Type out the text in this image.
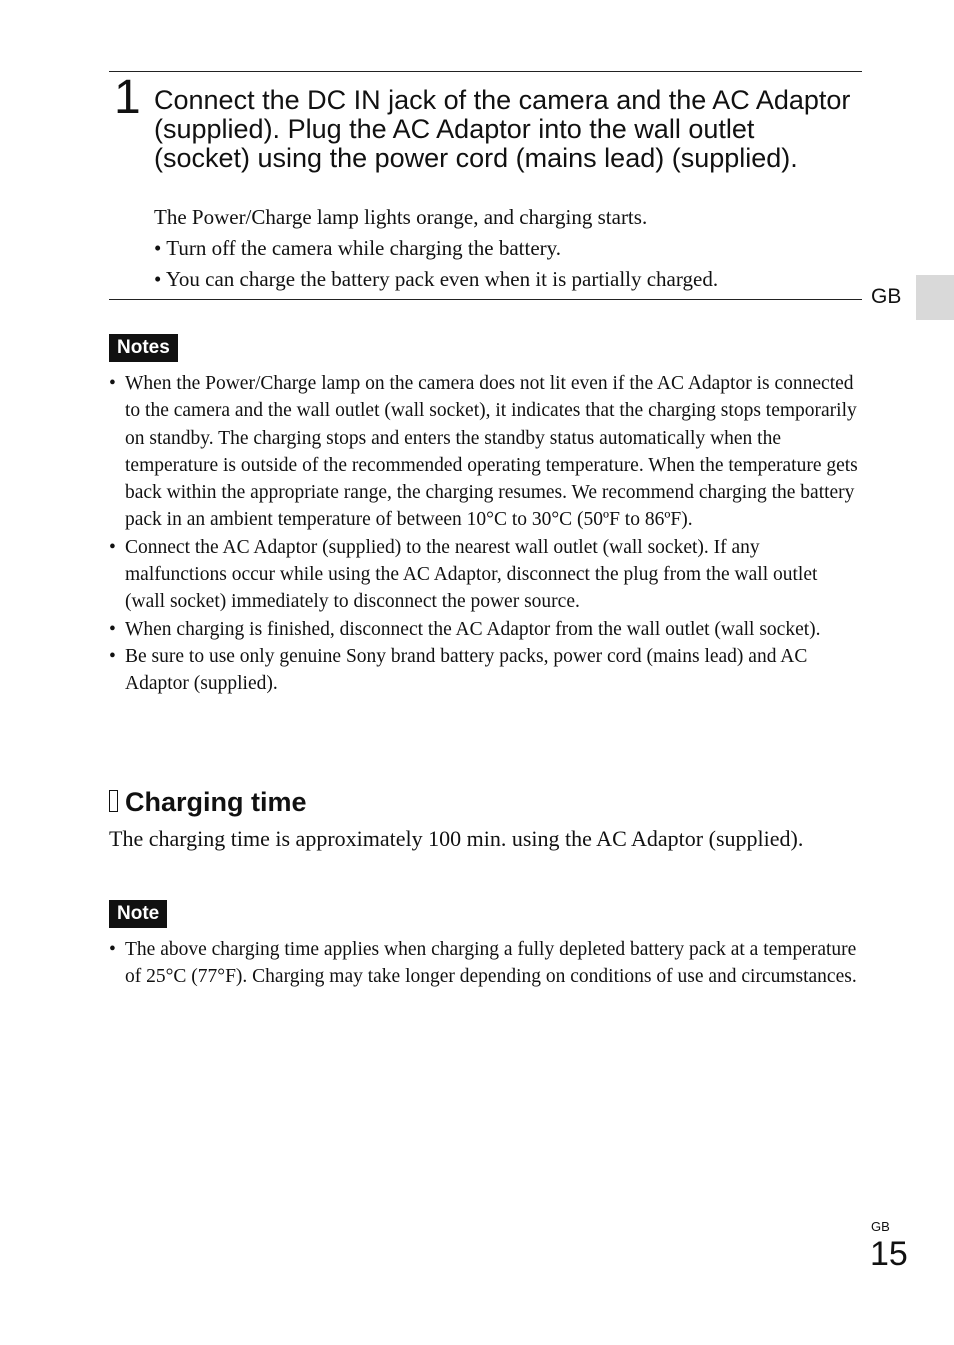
1 Connect the DC IN jack of the camera and the AC Adaptor (supplied). Plug the AC Adaptor into the wall outlet (socket) using the power cord (mains lead) (supplied).

The Power/Charge lamp lights orange, and charging starts.

• Turn off the camera while charging the battery.
• You can charge the battery pack even when it is partially charged.
GB
Notes
• When the Power/Charge lamp on the camera does not lit even if the AC Adaptor is connected to the camera and the wall outlet (wall socket), it indicates that the charging stops temporarily on standby. The charging stops and enters the standby status automatically when the temperature is outside of the recommended operating temperature. When the temperature gets back within the appropriate range, the charging resumes. We recommend charging the battery pack in an ambient temperature of between 10°C to 30°C (50ºF to 86ºF).
• Connect the AC Adaptor (supplied) to the nearest wall outlet (wall socket). If any malfunctions occur while using the AC Adaptor, disconnect the plug from the wall outlet (wall socket) immediately to disconnect the power source.
• When charging is finished, disconnect the AC Adaptor from the wall outlet (wall socket).
• Be sure to use only genuine Sony brand battery packs, power cord (mains lead) and AC Adaptor (supplied).
Charging time

The charging time is approximately 100 min. using the AC Adaptor (supplied).

Note
• The above charging time applies when charging a fully depleted battery pack at a temperature of 25°C (77°F). Charging may take longer depending on conditions of use and circumstances.
GB
15
